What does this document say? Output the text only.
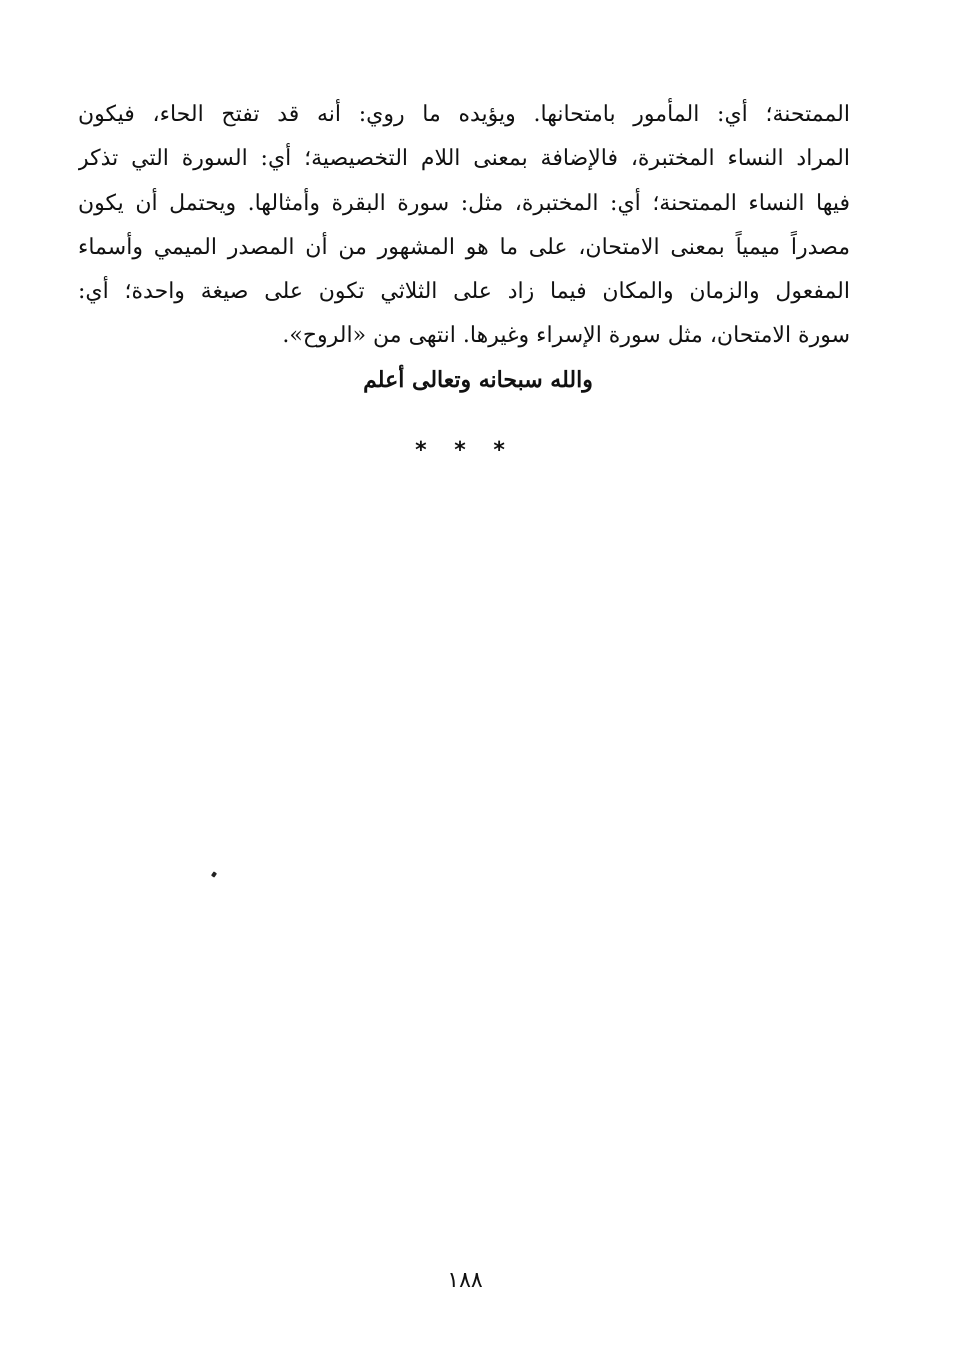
الممتحنة؛ أي: المأمور بامتحانها. ويؤيده ما روي: أنه قد تفتح الحاء، فيكون
المراد النساء المختبرة، فالإضافة بمعنى اللام التخصيصية؛ أي: السورة التي تذكر
فيها النساء الممتحنة؛ أي: المختبرة، مثل: سورة البقرة وأمثالها. ويحتمل أن يكون
مصدراً ميمياً بمعنى الامتحان، على ما هو المشهور من أن المصدر الميمي وأسماء
المفعول والزمان والمكان فيما زاد على الثلاثي تكون على صيغة واحدة؛ أي:
سورة الامتحان، مثل سورة الإسراء وغيرها. انتهى من «الروح».
والله سبحانه وتعالى أعلم
* * *
١٨٨
